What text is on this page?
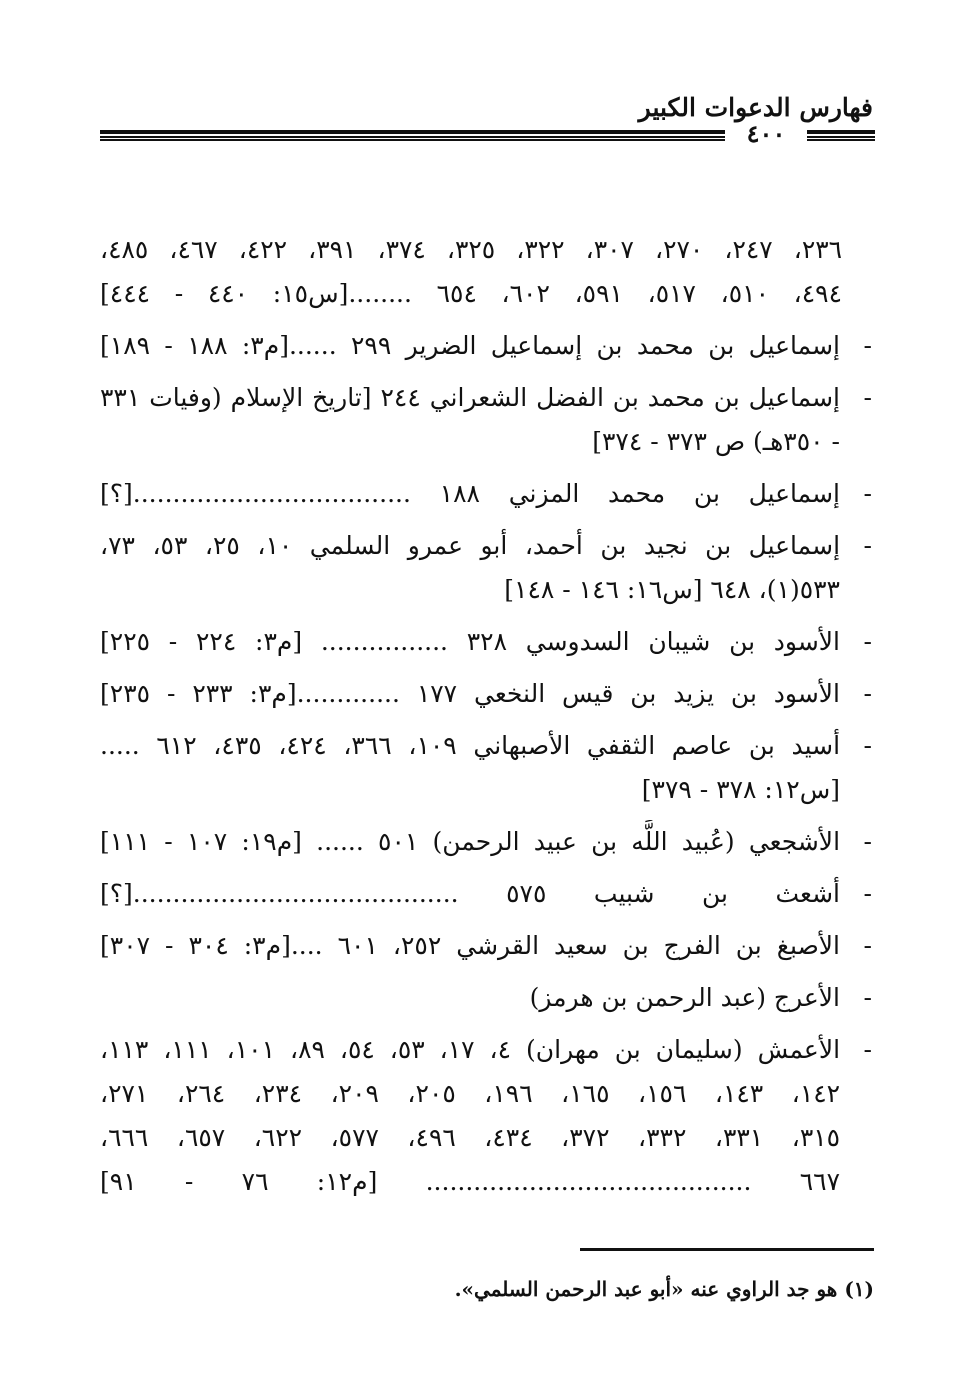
٤٠٠
فهارس الدعوات الكبير
٢٣٦، ٢٤٧، ٢٧٠، ٣٠٧، ٣٢٢، ٣٢٥، ٣٧٤، ٣٩١، ٤٢٢، ٤٦٧، ٤٨٥،
٤٩٤، ٥١٠، ٥١٧، ٥٩١، ٦٠٢، ٦٥٤ ........[س١٥: ٤٤٠ - ٤٤٤]
-
إسماعيل بن محمد بن إسماعيل الضرير ٢٩٩ ......[م٣: ١٨٨ - ١٨٩]
-
إسماعيل بن محمد بن الفضل الشعراني ٢٤٤ [تاريخ الإسلام (وفيات ٣٣١
- ٣٥٠هـ) ص ٣٧٣ - ٣٧٤]
-
إسماعيل بن محمد المزني ١٨٨ ...................................[؟]
-
إسماعيل بن نجيد بن أحمد، أبو عمرو السلمي ١٠، ٢٥، ٥٣، ٧٣،
٥٣٣(١)، ٦٤٨ [س١٦: ١٤٦ - ١٤٨]
-
الأسود بن شيبان السدوسي ٣٢٨ ................ [م٣: ٢٢٤ - ٢٢٥]
-
الأسود بن يزيد بن قيس النخعي ١٧٧ .............[م٣: ٢٣٣ - ٢٣٥]
-
أسيد بن عاصم الثقفي الأصبهاني ١٠٩، ٣٦٦، ٤٢٤، ٤٣٥، ٦١٢ .....
[س١٢: ٣٧٨ - ٣٧٩]
-
الأشجعي (عُبيد اللَّه بن عبيد الرحمن) ٥٠١ ...... [م١٩: ١٠٧ - ١١١]
-
أشعث بن شبيب ٥٧٥ .........................................[؟]
-
الأصبغ بن الفرج بن سعيد القرشي ٢٥٢، ٦٠١ ....[م٣: ٣٠٤ - ٣٠٧]
-
الأعرج (عبد الرحمن بن هرمز)
-
الأعمش (سليمان بن مهران) ٤، ١٧، ٥٣، ٥٤، ٨٩، ١٠١، ١١١، ١١٣،
١٤٢، ١٤٣، ١٥٦، ١٦٥، ١٩٦، ٢٠٥، ٢٠٩، ٢٣٤، ٢٦٤، ٢٧١،
٣١٥، ٣٣١، ٣٣٢، ٣٧٢، ٤٣٤، ٤٩٦، ٥٧٧، ٦٢٢، ٦٥٧، ٦٦٦،
٦٦٧ ......................................... [م١٢: ٧٦ - ٩١]
(١) هو جد الراوي عنه «أبو عبد الرحمن السلمي».
